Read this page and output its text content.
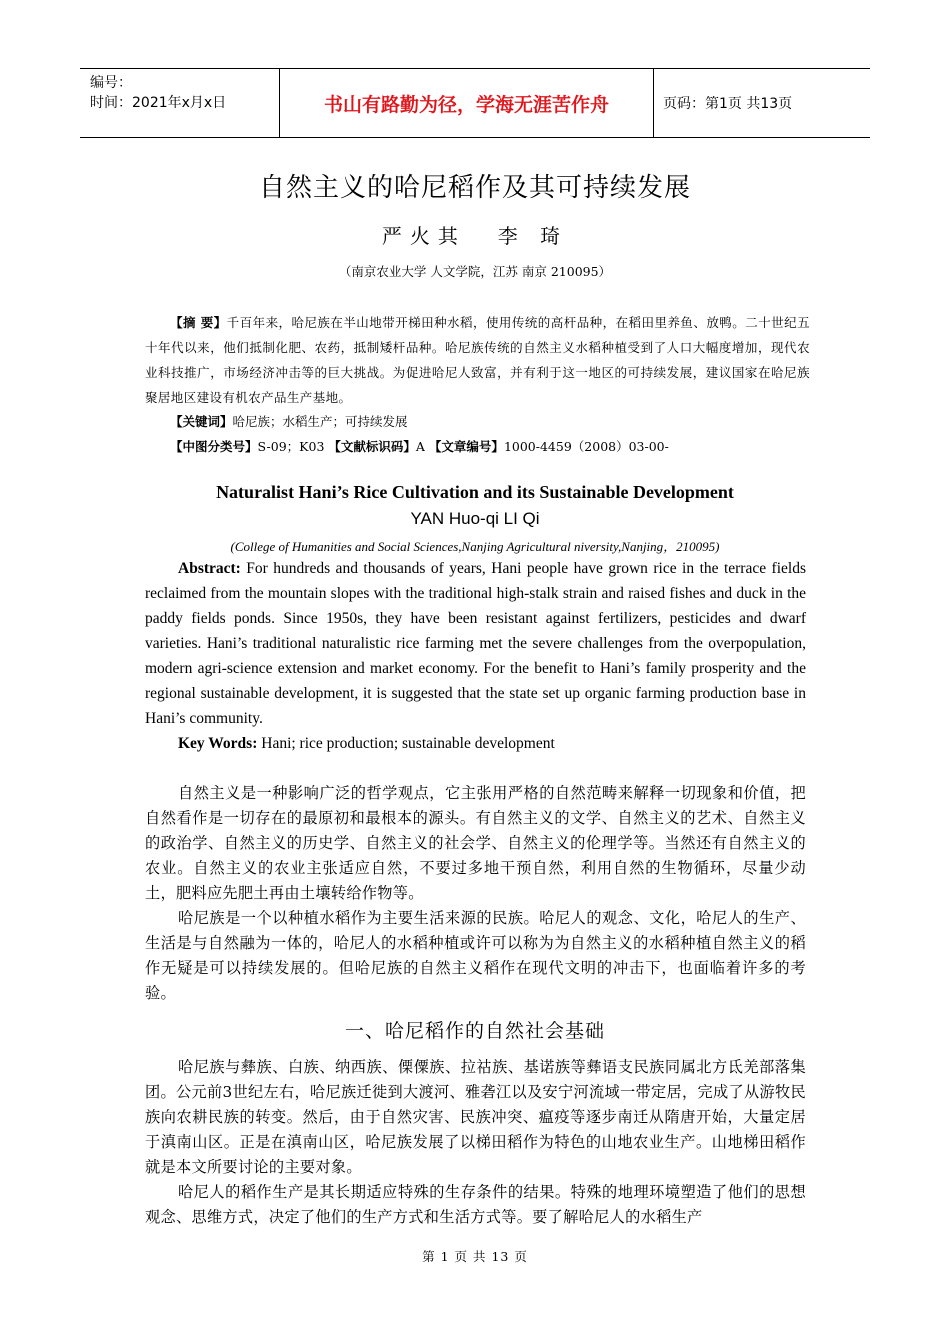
编号：
时间：2021年x月x日	书山有路勤为径，学海无涯苦作舟	页码：第1页 共13页
自然主义的哈尼稻作及其可持续发展
严火其 李 琦
（南京农业大学 人文学院，江苏 南京 210095）
【摘 要】千百年来，哈尼族在半山地带开梯田种水稻，使用传统的高杆品种，在稻田里养鱼、放鸭。二十世纪五十年代以来，他们抵制化肥、农药，抵制矮杆品种。哈尼族传统的自然主义水稻种植受到了人口大幅度增加，现代农业科技推广，市场经济冲击等的巨大挑战。为促进哈尼人致富，并有利于这一地区的可持续发展，建议国家在哈尼族聚居地区建设有机农产品生产基地。
【关键词】哈尼族；水稻生产；可持续发展
【中图分类号】S-09；K03 【文献标识码】A 【文章编号】1000-4459（2008）03-00-
Naturalist Hani’s Rice Cultivation and its Sustainable Development
YAN Huo-qi LI Qi
(College of Humanities and Social Sciences,Nanjing Agricultural niversity,Nanjing，210095)
Abstract: For hundreds and thousands of years, Hani people have grown rice in the terrace fields reclaimed from the mountain slopes with the traditional high-stalk strain and raised fishes and duck in the paddy fields ponds. Since 1950s, they have been resistant against fertilizers, pesticides and dwarf varieties. Hani’s traditional naturalistic rice farming met the severe challenges from the overpopulation, modern agri-science extension and market economy. For the benefit to Hani’s family prosperity and the regional sustainable development, it is suggested that the state set up organic farming production base in Hani’s community.
Key Words: Hani; rice production; sustainable development
自然主义是一种影响广泛的哲学观点，它主张用严格的自然范畴来解释一切现象和价值，把自然看作是一切存在的最原初和最根本的源头。有自然主义的文学、自然主义的艺术、自然主义的政治学、自然主义的历史学、自然主义的社会学、自然主义的伦理学等。当然还有自然主义的农业。自然主义的农业主张适应自然，不要过多地干预自然，利用自然的生物循环，尽量少动土，肥料应先肥土再由土壤转给作物等。
哈尼族是一个以种植水稻作为主要生活来源的民族。哈尼人的观念、文化，哈尼人的生产、生活是与自然融为一体的，哈尼人的水稻种植或许可以称为为自然主义的水稻种植自然主义的稻作无疑是可以持续发展的。但哈尼族的自然主义稻作在现代文明的冲击下，也面临着许多的考验。
一、哈尼稻作的自然社会基础
哈尼族与彝族、白族、纳西族、傈僳族、拉祜族、基诺族等彝语支民族同属北方氐羌部落集团。公元前3世纪左右，哈尼族迁徙到大渡河、雅砻江以及安宁河流域一带定居，完成了从游牧民族向农耕民族的转变。然后，由于自然灾害、民族冲突、瘟疫等逐步南迁从隋唐开始，大量定居于滇南山区。正是在滇南山区，哈尼族发展了以梯田稻作为特色的山地农业生产。山地梯田稻作就是本文所要讨论的主要对象。
哈尼人的稻作生产是其长期适应特殊的生存条件的结果。特殊的地理环境塑造了他们的思想观念、思维方式，决定了他们的生产方式和生活方式等。要了解哈尼人的水稻生产
第 1 页 共 13 页
